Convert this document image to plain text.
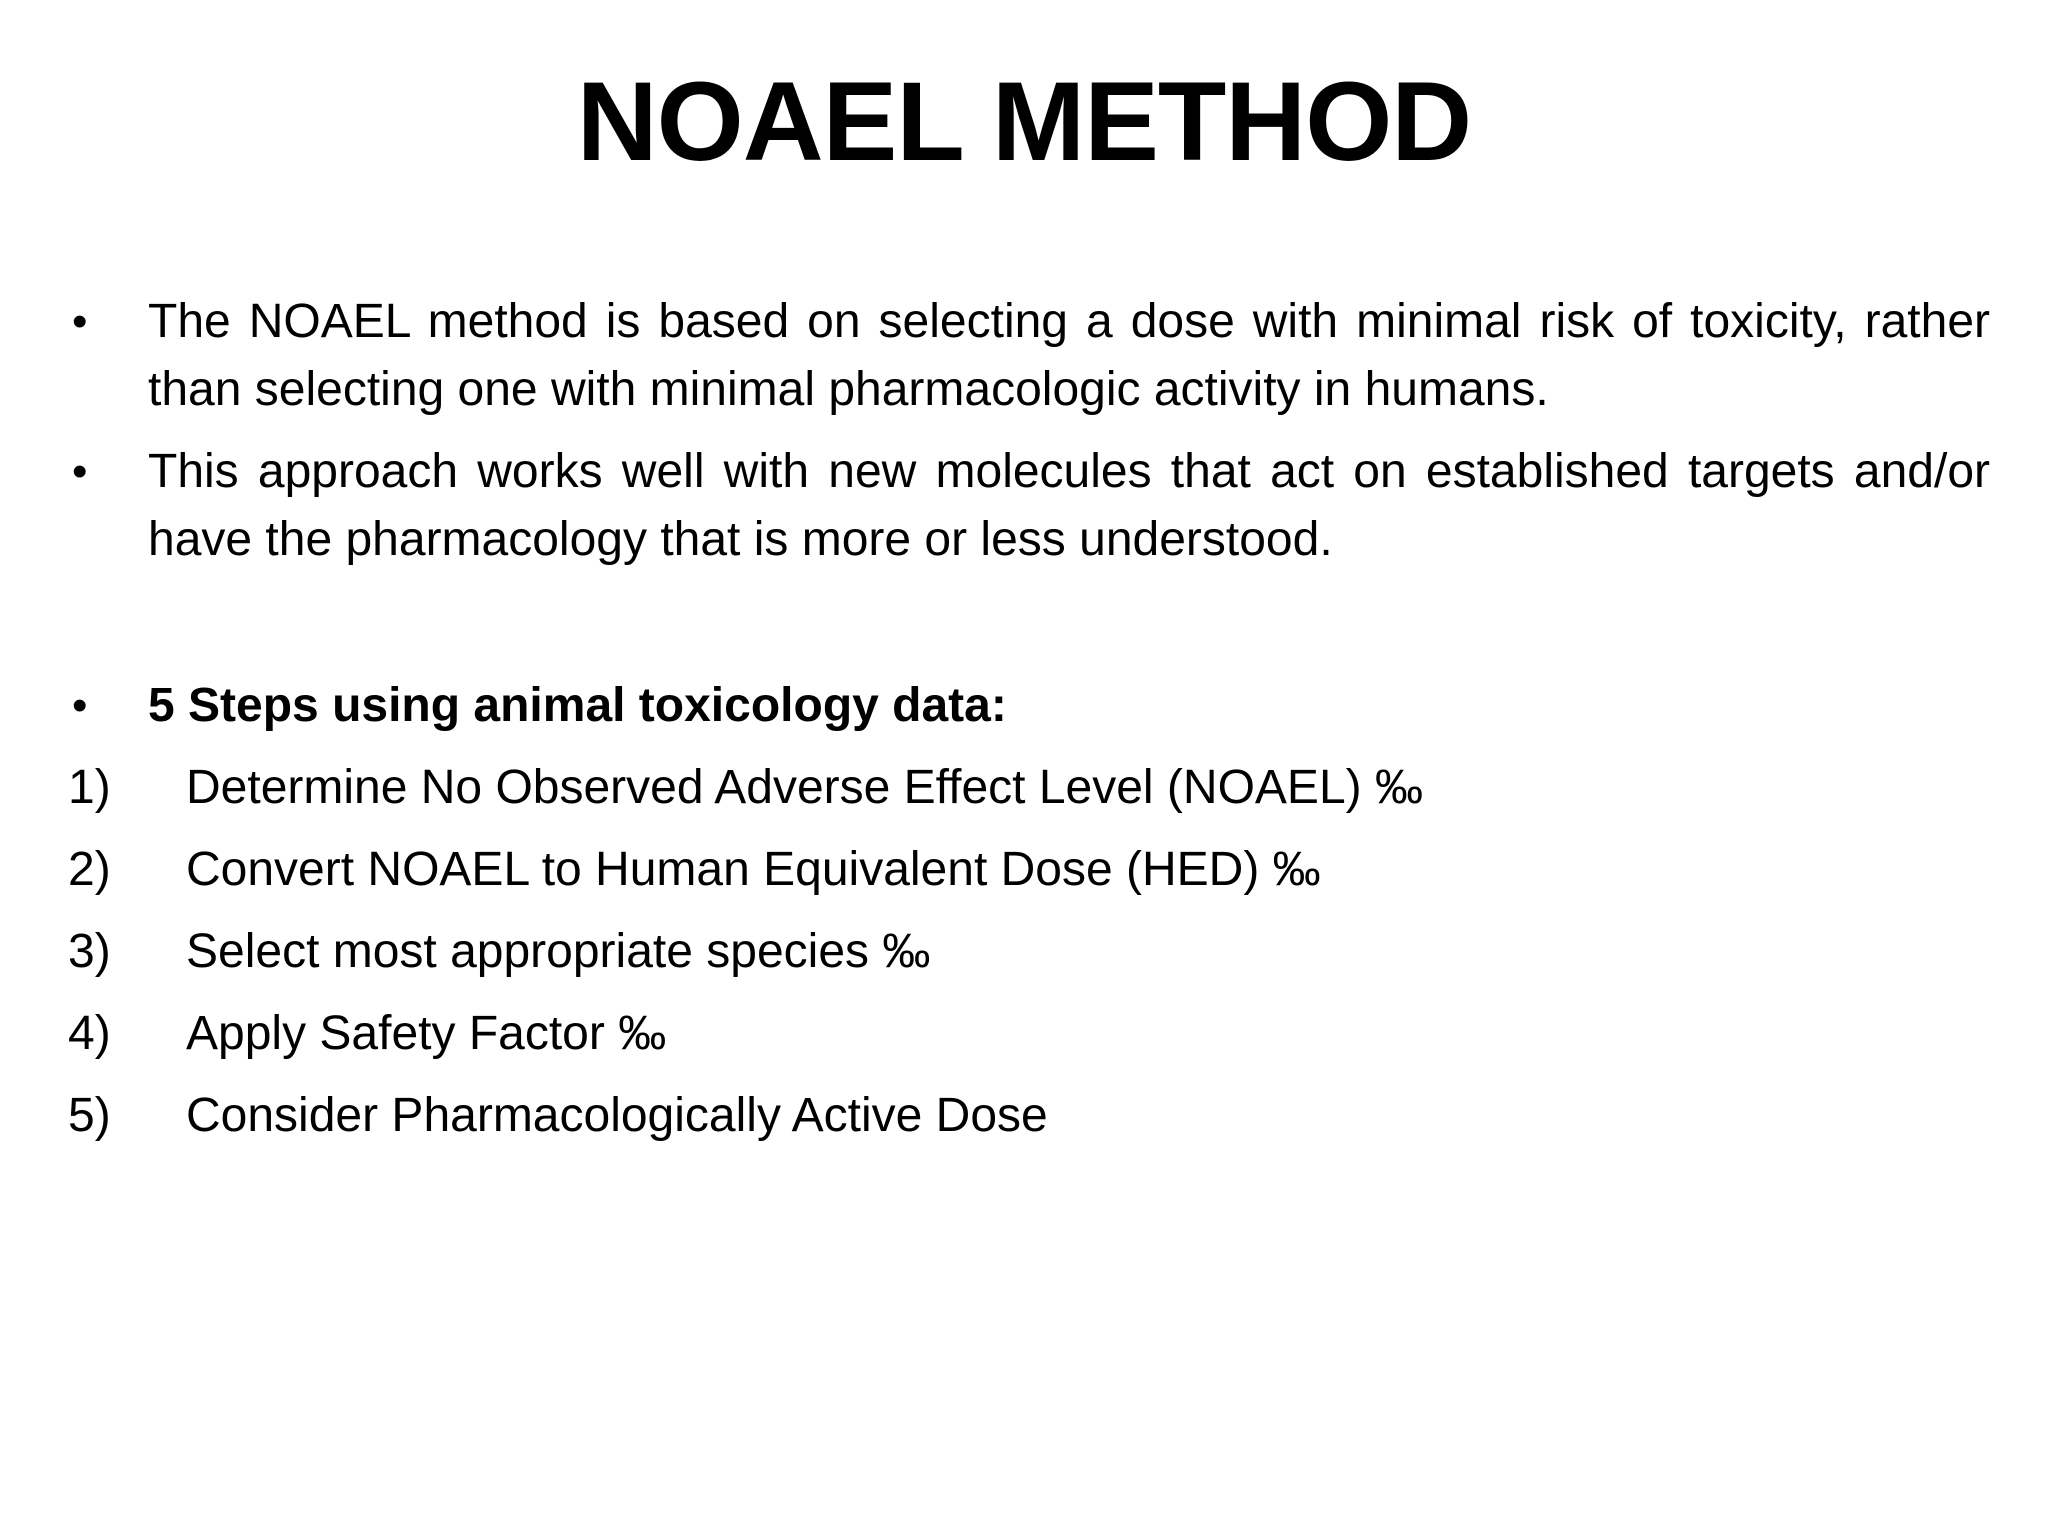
NOAEL METHOD
• The NOAEL method is based on selecting a dose with minimal risk of toxicity, rather than selecting one with minimal pharmacologic activity in humans.
• This approach works well with new molecules that act on established targets and/or have the pharmacology that is more or less understood.
• 5 Steps using animal toxicology data:
1)	Determine No Observed Adverse Effect Level (NOAEL) ‰
2)	Convert NOAEL to Human Equivalent Dose (HED) ‰
3)	Select most appropriate species ‰
4)	Apply Safety Factor ‰
5)	Consider Pharmacologically Active Dose
